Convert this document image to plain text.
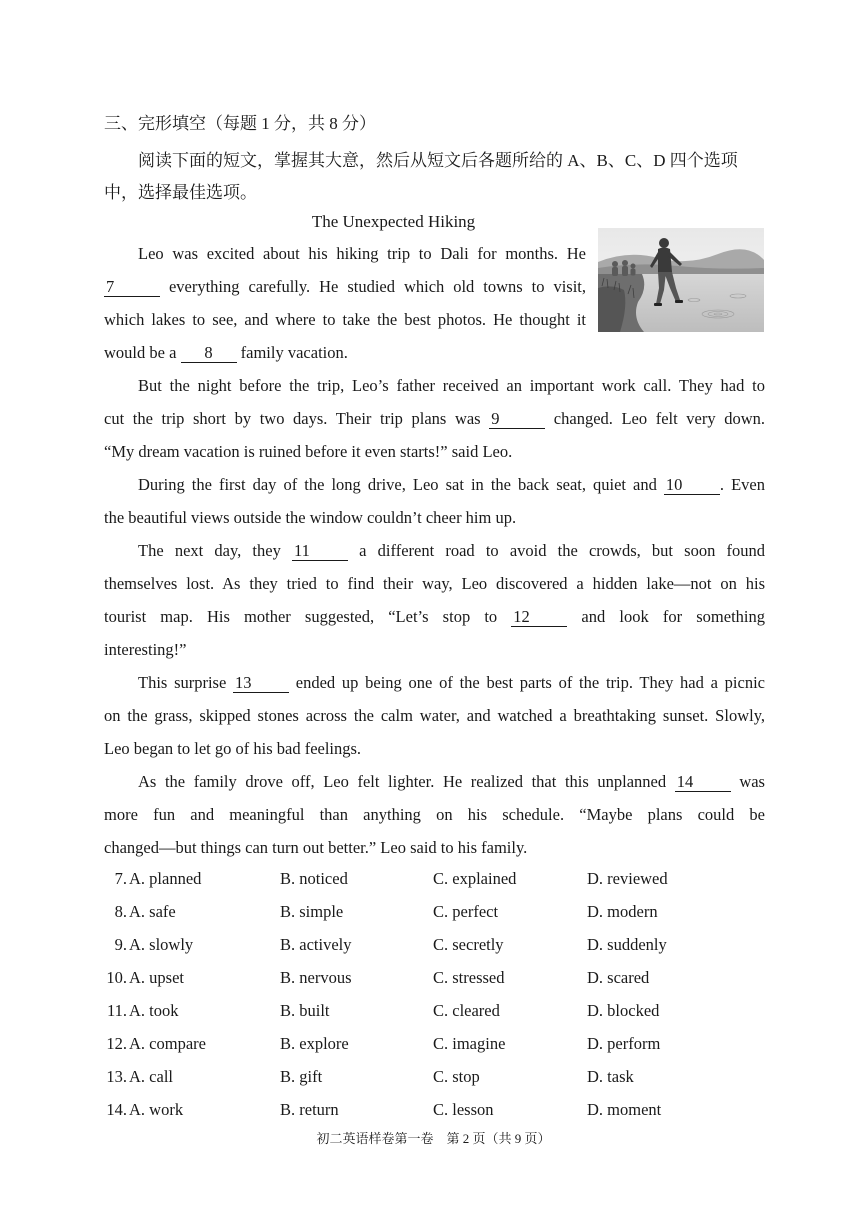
三、完形填空（每题 1 分，共 8 分）
阅读下面的短文，掌握其大意，然后从短文后各题所给的 A、B、C、D 四个选项中，选择最佳选项。
The Unexpected Hiking
Leo was excited about his hiking trip to Dali for months. He
7	everything carefully. He studied which old towns to visit,
which lakes to see, and where to take the best photos. He thought it
would be a 8 family vacation.
But the night before the trip, Leo’s father received an important work call. They had to
cut the trip short by two days. Their trip plans was 9	changed. Leo felt very down.
“My dream vacation is ruined before it even starts!” said Leo.
During the first day of the long drive, Leo sat in the back seat, quiet and 10 . Even
the beautiful views outside the window couldn’t cheer him up.
The next day, they 11 a different road to avoid the crowds, but soon found
themselves lost. As they tried to find their way, Leo discovered a hidden lake—not on his
tourist map. His mother suggested, “Let’s stop to 12 and look for something
interesting!”
This surprise 13 ended up being one of the best parts of the trip. They had a picnic
on the grass, skipped stones across the calm water, and watched a breathtaking sunset. Slowly,
Leo began to let go of his bad feelings.
As the family drove off, Leo felt lighter. He realized that this unplanned 14 was
more fun and meaningful than anything on his schedule. “Maybe plans could be
changed—but things can turn out better.” Leo said to his family.
7. A. planned	B. noticed	C. explained	D. reviewed
8. A. safe	B. simple	C. perfect	D. modern
9. A. slowly	B. actively	C. secretly	D. suddenly
10. A. upset	B. nervous	C. stressed	D. scared
11. A. took	B. built	C. cleared	D. blocked
12. A. compare	B. explore	C. imagine	D. perform
13. A. call	B. gift	C. stop	D. task
14. A. work	B. return	C. lesson	D. moment
初二英语样卷第一卷　第 2 页（共 9 页）
